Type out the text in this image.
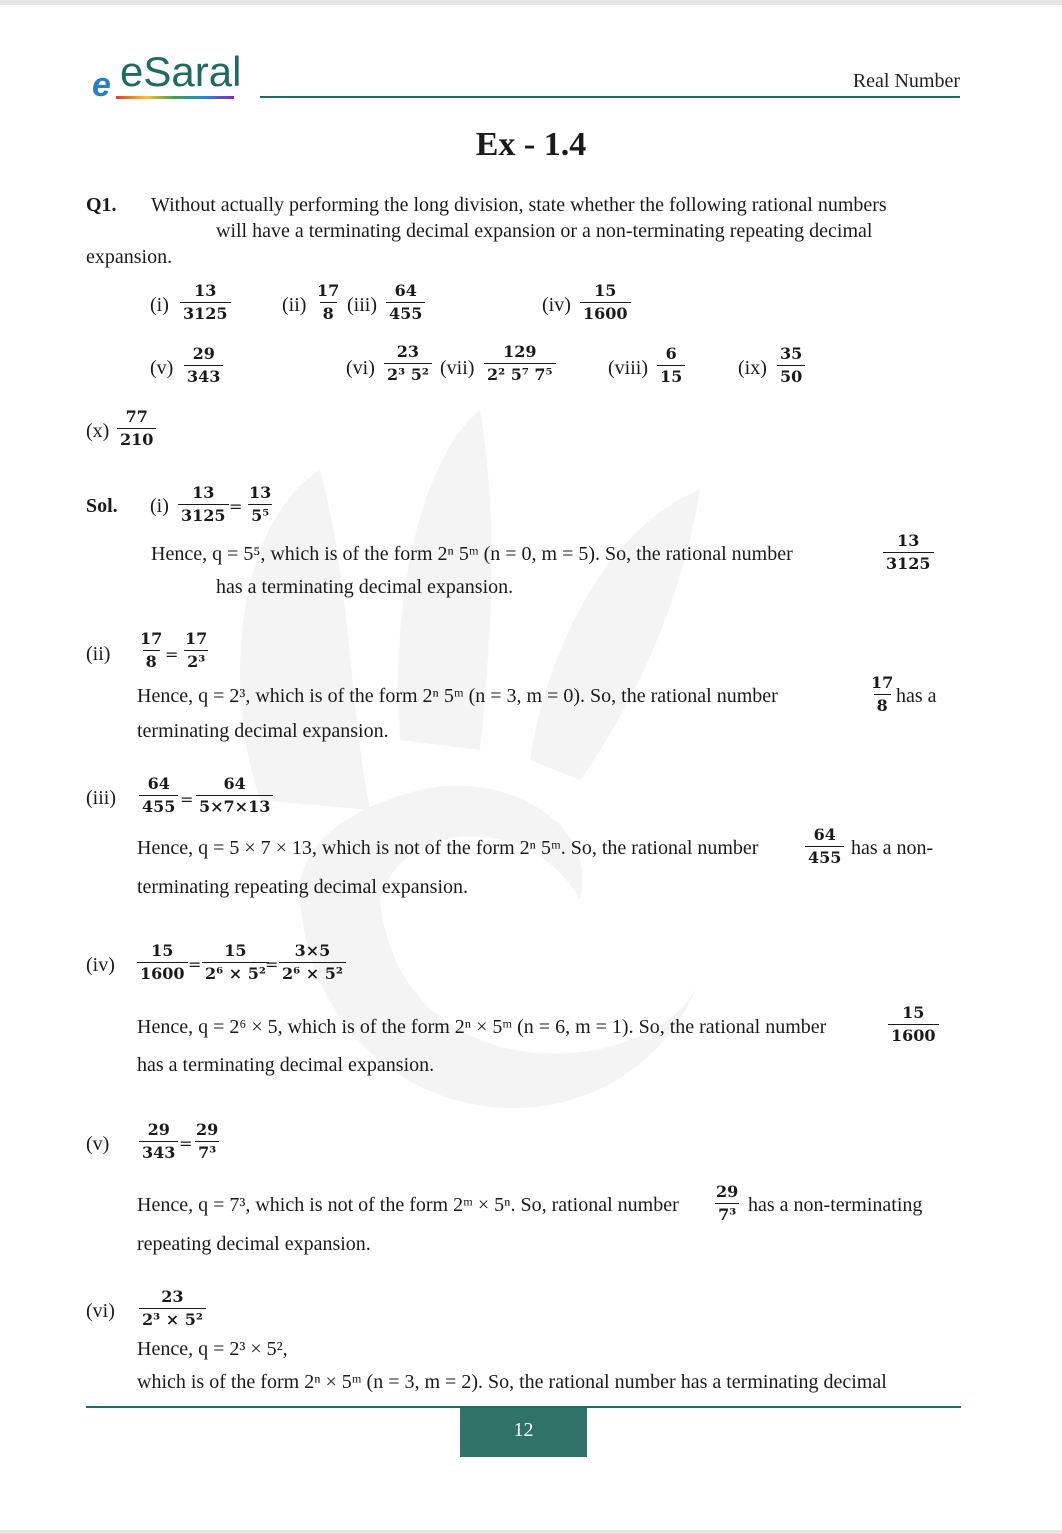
e eSaral	Real Number
Ex - 1.4
Q1. Without actually performing the long division, state whether the following rational numbers
will have a terminating decimal expansion or a non-terminating repeating decimal
expansion.
$(i) \frac{13}{3125}$	$(ii) \frac{17}{8} (iii) \frac{64}{455}$	$(iv) \frac{15}{1600}$
$(v) \frac{29}{343}$	$(vi) \frac{23}{\text{2³ 5²}} (vii) \frac{129}{\text{2² 5⁷ 7⁵}}$	(viii) $\frac{6}{15}$	$(ix) \frac{35}{50}$
$(x) \frac{77}{210}$
Sol. $(i) \frac{13}{3125} = \frac{13}{\text{5⁵}}$
Hence, q = 5⁵, which is of the form 2ⁿ 5ᵐ (n = 0, m = 5). So, the rational number	$\frac{13}{3125}$
has a terminating decimal expansion.
$(ii) \frac{17}{8} = \frac{17}{\text{2³}}$
Hence, q = 2³, which is of the form 2ⁿ 5ᵐ (n = 3, m = 0). So, the rational number	$\frac{17}{8}$ has a
terminating decimal expansion.
$(iii) \frac{64}{455} = \frac{64}{5\times 7\times 13}$
Hence, q = 5 × 7 × 13, which is not of the form 2ⁿ 5ᵐ. So, the rational number	$\frac{64}{455}$ has a non-
terminating repeating decimal expansion.
$(iv) \frac{15}{1600} = \frac{15}{\text{2⁶ × 5²}}$
= $\frac{3\times 5}{\text{2⁶ × 5²}}$
Hence, q = 2⁶ × 5, which is of the form 2ⁿ × 5ᵐ (n = 6, m = 1). So, the rational number	$\frac{15}{1600}$
has a terminating decimal expansion.
$(v) \frac{29}{343} = \frac{29}{\text{7³}}$
Hence, q = 7³, which is not of the form 2ᵐ × 5ⁿ. So, rational number $\frac{29}{\text{7³}}$ has a non-terminating
repeating decimal expansion.
$(vi) \frac{23}{\text{2³ × 5²}}$
Hence, q = 2³ × 5²,
which is of the form 2ⁿ × 5ᵐ (n = 3, m = 2). So, the rational number has a terminating decimal
12
